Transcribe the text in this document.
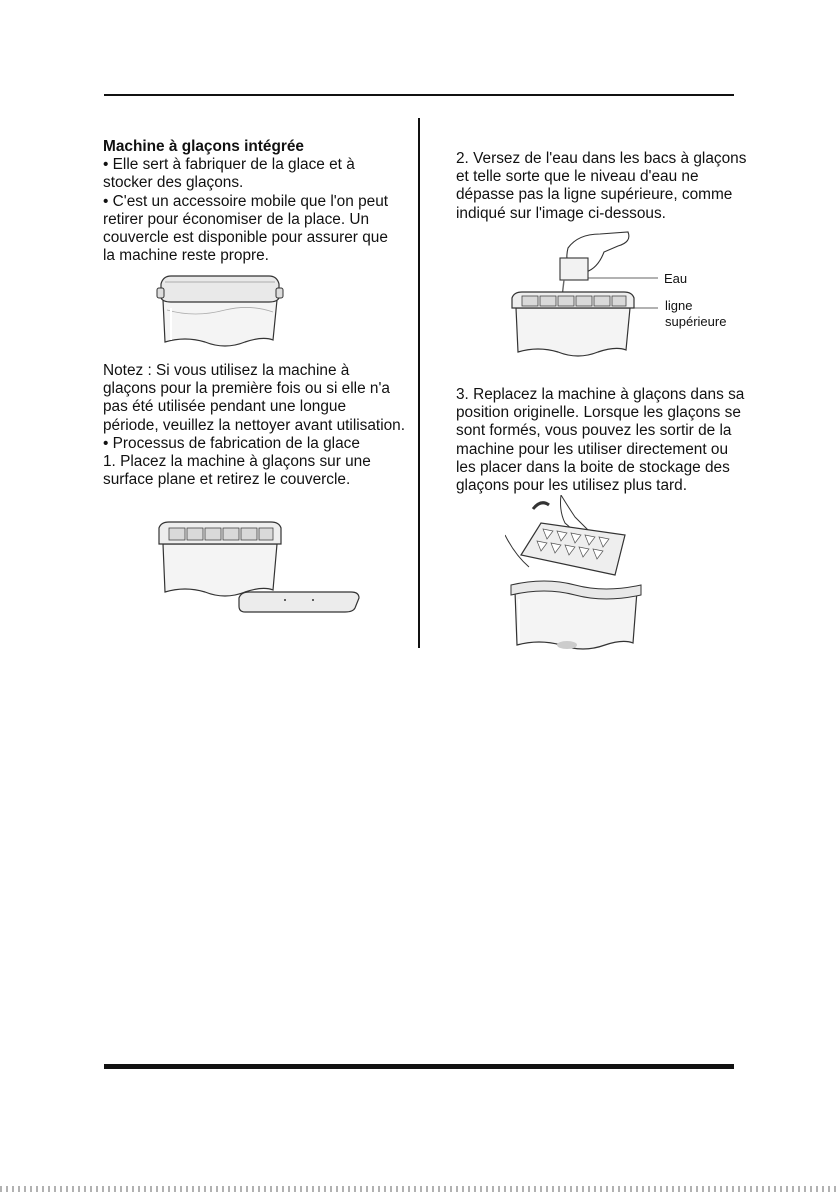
Machine à glaçons intégrée

• Elle sert à fabriquer de la glace et à

stocker des glaçons.

• C'est un accessoire mobile que l'on peut

retirer pour économiser de la place. Un

couvercle est disponible pour assurer que

la machine reste propre.

Notez : Si vous utilisez la machine à

glaçons pour la première fois ou si elle n'a

pas été utilisée pendant une longue

période, veuillez la nettoyer avant utilisation.

• Processus de fabrication de la glace

1. Placez la machine à glaçons sur une

surface plane et retirez le couvercle.

2. Versez de l'eau dans les bacs à glaçons

et telle sorte que le niveau d'eau ne

dépasse pas la ligne supérieure, comme

indiqué sur l'image ci-dessous.

3. Replacez la machine à glaçons dans sa

position originelle. Lorsque les glaçons se

sont formés, vous pouvez les sortir de la

machine pour les utiliser directement ou

les placer dans la boite de stockage des

glaçons pour les utilisez plus tard.

Eau
ligne
supérieure
